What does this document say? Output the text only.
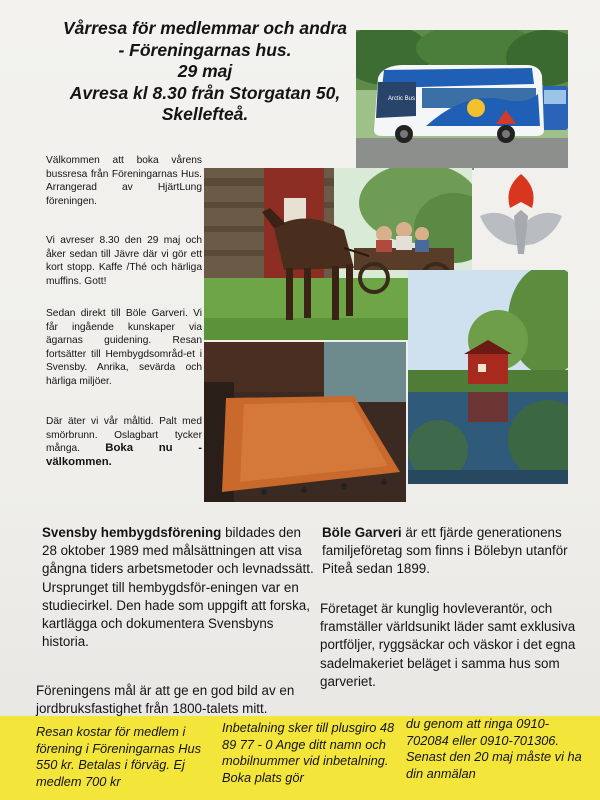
Vårresa för medlemmar och andra
- Föreningarnas hus.
29 maj
Avresa kl 8.30 från Storgatan 50,
Skellefteå.
Arctic Bus
Välkommen att boka vårens bussresa från Föreningarnas Hus. Arrangerad av HjärtLung föreningen.
Vi avreser 8.30 den 29 maj och åker sedan till Jävre där vi gör ett kort stopp. Kaffe /Thé och härliga muffins. Gott!
Sedan direkt till Böle Garveri. Vi får ingående kunskaper via ägarnas guidening. Resan fortsätter till Hembygdsområd-et i Svensby. Anrika, sevärda och härliga miljöer.
Där äter vi vår måltid. Palt med smörbrunn. Oslagbart tycker många. Boka nu - välkommen.
Svensby hembygdsförening bildades den 28 oktober 1989 med målsättningen att visa gångna tiders arbetsmetoder och levnadssätt. Ursprunget till hembygdsför-eningen var en studiecirkel. Den hade som uppgift att forska, kartlägga och dokumentera Svensbyns historia.
Föreningens mål är att ge en god bild av en jordbruksfastighet från 1800-talets mitt.
Böle Garveri är ett fjärde generationens familjeföretag som finns i Bölebyn utanför Piteå sedan 1899.
Företaget är kunglig hovleverantör, och framställer världsunikt läder samt exklusiva portföljer, ryggsäckar och väskor i det egna sadelmakeriet beläget i samma hus som garveriet.
Resan kostar för medlem i förening i Föreningarnas Hus 550 kr. Betalas i förväg. Ej medlem 700 kr
Inbetalning sker till plusgiro 48 89 77 - 0 Ange ditt namn och mobilnummer vid inbetalning. Boka plats gör
du genom att ringa 0910-702084 eller 0910-701306. Senast den 20 maj måste vi ha din anmälan
